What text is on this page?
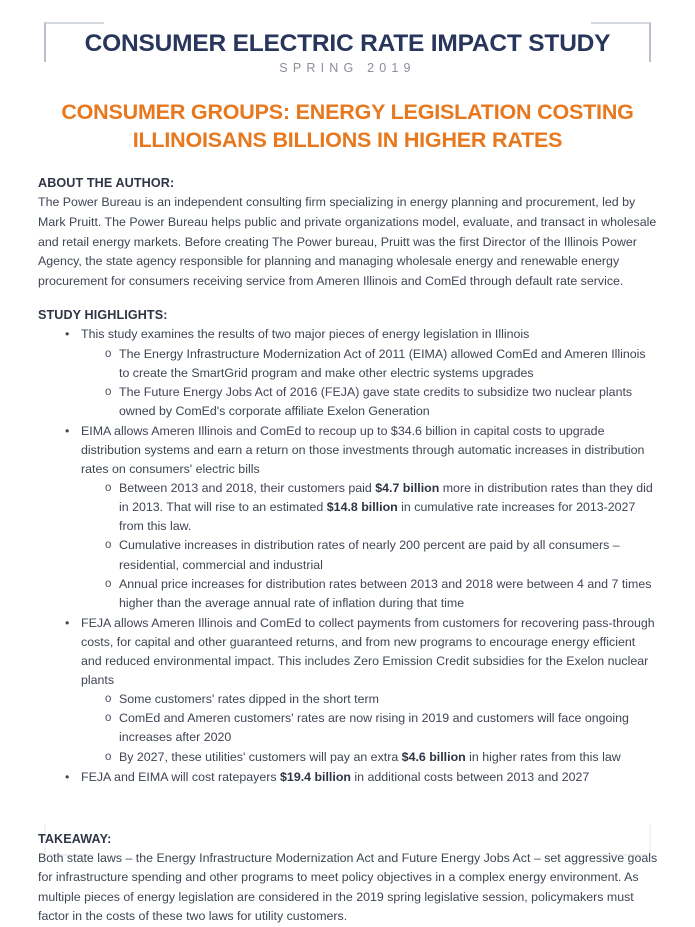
CONSUMER ELECTRIC RATE IMPACT STUDY
SPRING 2019
CONSUMER GROUPS: ENERGY LEGISLATION COSTING ILLINOISANS BILLIONS IN HIGHER RATES
ABOUT THE AUTHOR:

The Power Bureau is an independent consulting firm specializing in energy planning and procurement, led by Mark Pruitt. The Power Bureau helps public and private organizations model, evaluate, and transact in wholesale and retail energy markets. Before creating The Power bureau, Pruitt was the first Director of the Illinois Power Agency, the state agency responsible for planning and managing wholesale energy and renewable energy procurement for consumers receiving service from Ameren Illinois and ComEd through default rate service.

STUDY HIGHLIGHTS:
• This study examines the results of two major pieces of energy legislation in Illinois
o The Energy Infrastructure Modernization Act of 2011 (EIMA) allowed ComEd and Ameren Illinois to create the SmartGrid program and make other electric systems upgrades
o The Future Energy Jobs Act of 2016 (FEJA) gave state credits to subsidize two nuclear plants owned by ComEd's corporate affiliate Exelon Generation
• EIMA allows Ameren Illinois and ComEd to recoup up to $34.6 billion in capital costs to upgrade distribution systems and earn a return on those investments through automatic increases in distribution rates on consumers' electric bills
o Between 2013 and 2018, their customers paid $4.7 billion more in distribution rates than they did in 2013. That will rise to an estimated $14.8 billion in cumulative rate increases for 2013-2027 from this law.
o Cumulative increases in distribution rates of nearly 200 percent are paid by all consumers – residential, commercial and industrial
o Annual price increases for distribution rates between 2013 and 2018 were between 4 and 7 times higher than the average annual rate of inflation during that time
• FEJA allows Ameren Illinois and ComEd to collect payments from customers for recovering pass-through costs, for capital and other guaranteed returns, and from new programs to encourage energy efficient and reduced environmental impact. This includes Zero Emission Credit subsidies for the Exelon nuclear plants
o Some customers' rates dipped in the short term
o ComEd and Ameren customers' rates are now rising in 2019 and customers will face ongoing increases after 2020
o By 2027, these utilities' customers will pay an extra $4.6 billion in higher rates from this law
• FEJA and EIMA will cost ratepayers $19.4 billion in additional costs between 2013 and 2027
TAKEAWAY:

Both state laws – the Energy Infrastructure Modernization Act and Future Energy Jobs Act – set aggressive goals for infrastructure spending and other programs to meet policy objectives in a complex energy environment. As multiple pieces of energy legislation are considered in the 2019 spring legislative session, policymakers must factor in the costs of these two laws for utility customers.
